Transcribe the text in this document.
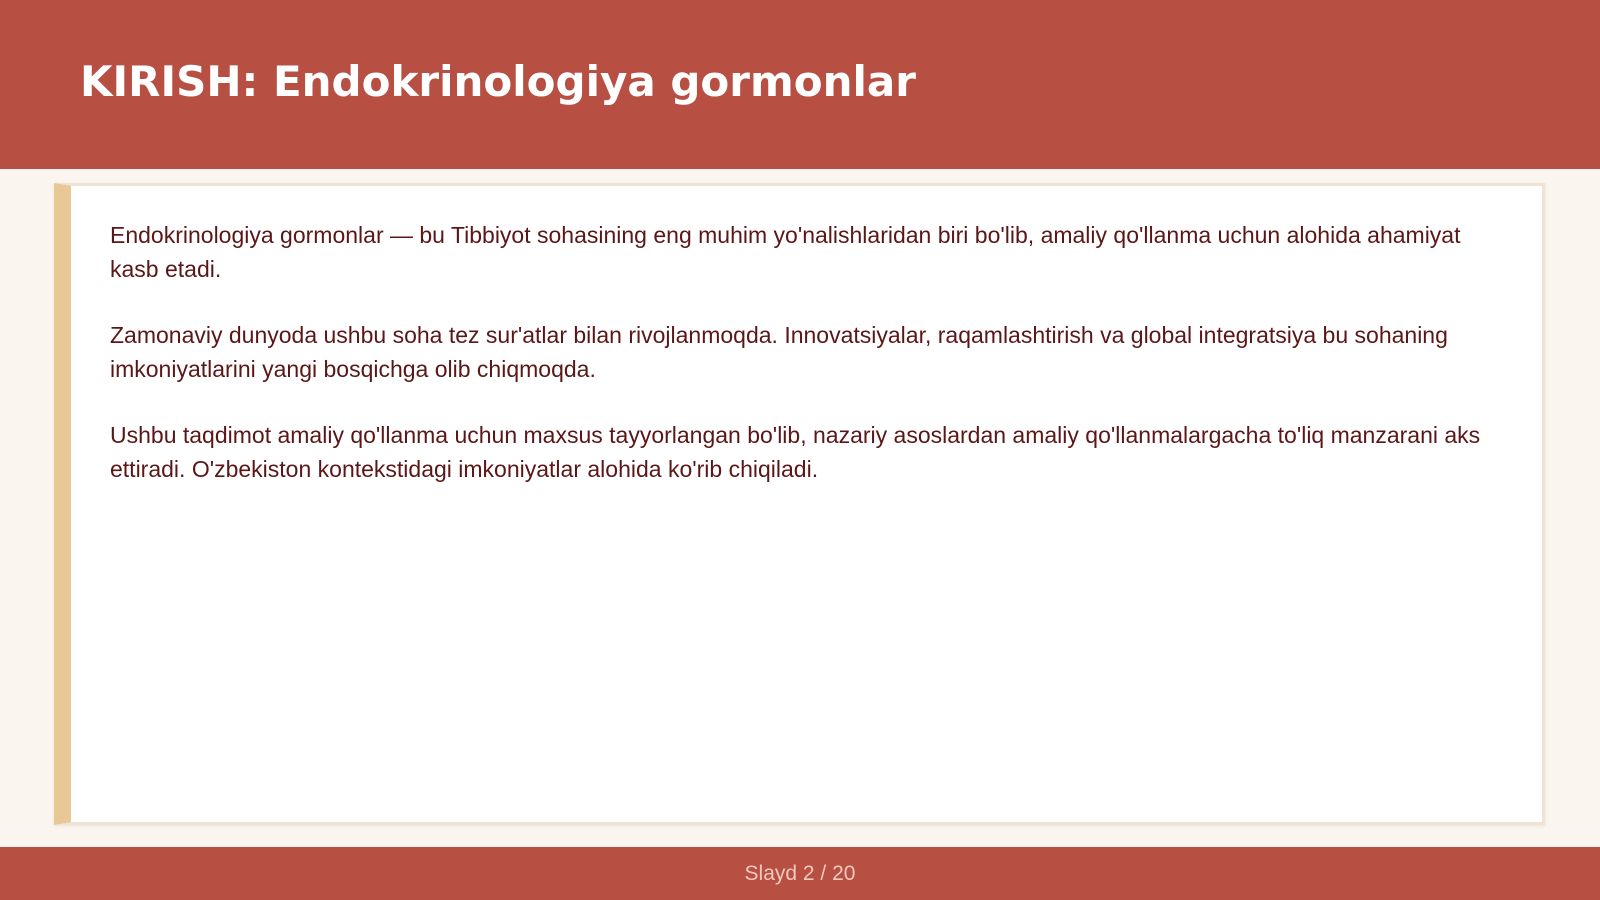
KIRISH: Endokrinologiya gormonlar

Endokrinologiya gormonlar — bu Tibbiyot sohasining eng muhim yo'nalishlaridan biri bo'lib, amaliy qo'llanma uchun alohida ahamiyat kasb etadi.

Zamonaviy dunyoda ushbu soha tez sur'atlar bilan rivojlanmoqda. Innovatsiyalar, raqamlashtirish va global integratsiya bu sohaning imkoniyatlarini yangi bosqichga olib chiqmoqda.

Ushbu taqdimot amaliy qo'llanma uchun maxsus tayyorlangan bo'lib, nazariy asoslardan amaliy qo'llanmalargacha to'liq manzarani aks ettiradi. O'zbekiston kontekstidagi imkoniyatlar alohida ko'rib chiqiladi.

Slayd 2 / 20
